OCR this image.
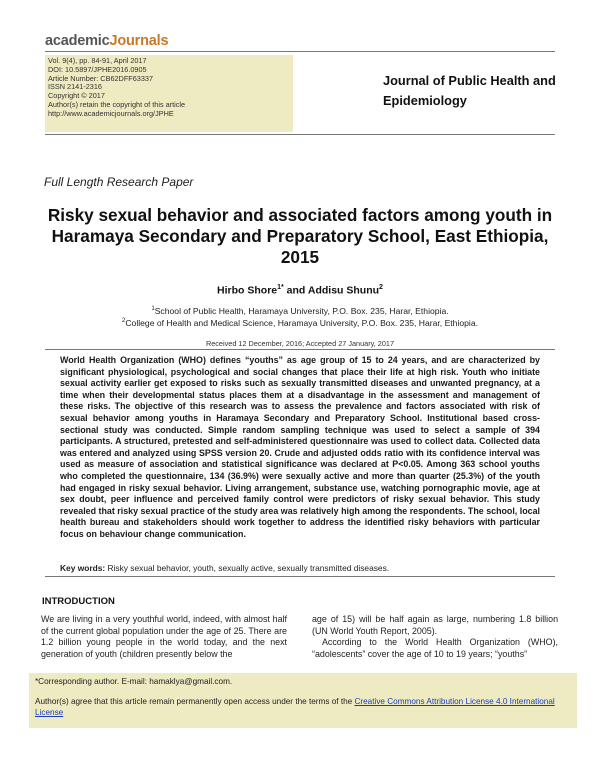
academicJournals
Vol. 9(4), pp. 84-91, April 2017
DOI: 10.5897/JPHE2016.0905
Article Number: CB62DFF63337
ISSN 2141-2316
Copyright © 2017
Author(s) retain the copyright of this article
http://www.academicjournals.org/JPHE
Journal of Public Health and Epidemiology
Full Length Research Paper
Risky sexual behavior and associated factors among youth in Haramaya Secondary and Preparatory School, East Ethiopia, 2015
Hirbo Shore$^{1*}$ and Addisu Shunu$^2$
$^1$School of Public Health, Haramaya University, P.O. Box. 235, Harar, Ethiopia.
$^2$College of Health and Medical Science, Haramaya University, P.O. Box. 235, Harar, Ethiopia.
Received 12 December, 2016; Accepted 27 January, 2017
World Health Organization (WHO) defines “youths” as age group of 15 to 24 years, and are characterized by significant physiological, psychological and social changes that place their life at high risk. Youth who initiate sexual activity earlier get exposed to risks such as sexually transmitted diseases and unwanted pregnancy, at a time when their developmental status places them at a disadvantage in the assessment and management of these risks. The objective of this research was to assess the prevalence and factors associated with risk of sexual behavior among youths in Haramaya Secondary and Preparatory School. Institutional based cross-sectional study was conducted. Simple random sampling technique was used to select a sample of 394 participants. A structured, pretested and self-administered questionnaire was used to collect data. Collected data was entered and analyzed using SPSS version 20. Crude and adjusted odds ratio with its confidence interval was used as measure of association and statistical significance was declared at P<0.05. Among 363 school youths who completed the questionnaire, 134 (36.9%) were sexually active and more than quarter (25.3%) of the youth had engaged in risky sexual behavior. Living arrangement, substance use, watching pornographic movie, age at sex doubt, peer influence and perceived family control were predictors of risky sexual behavior. This study revealed that risky sexual practice of the study area was relatively high among the respondents. The school, local health bureau and stakeholders should work together to address the identified risky behaviors with particular focus on behaviour change communication.
Key words: Risky sexual behavior, youth, sexually active, sexually transmitted diseases.
INTRODUCTION

We are living in a very youthful world, indeed, with almost half of the current global population under the age of 25. There are 1.2 billion young people in the world today, and the next generation of youth (children presently below the

age of 15) will be half again as large, numbering 1.8 billion (UN World Youth Report, 2005).

According to the World Health Organization (WHO), “adolescents” cover the age of 10 to 19 years; “youths”

*Corresponding author. E-mail: hamaklya@gmail.com.
Author(s) agree that this article remain permanently open access under the terms of the Creative Commons Attribution License 4.0 International License
